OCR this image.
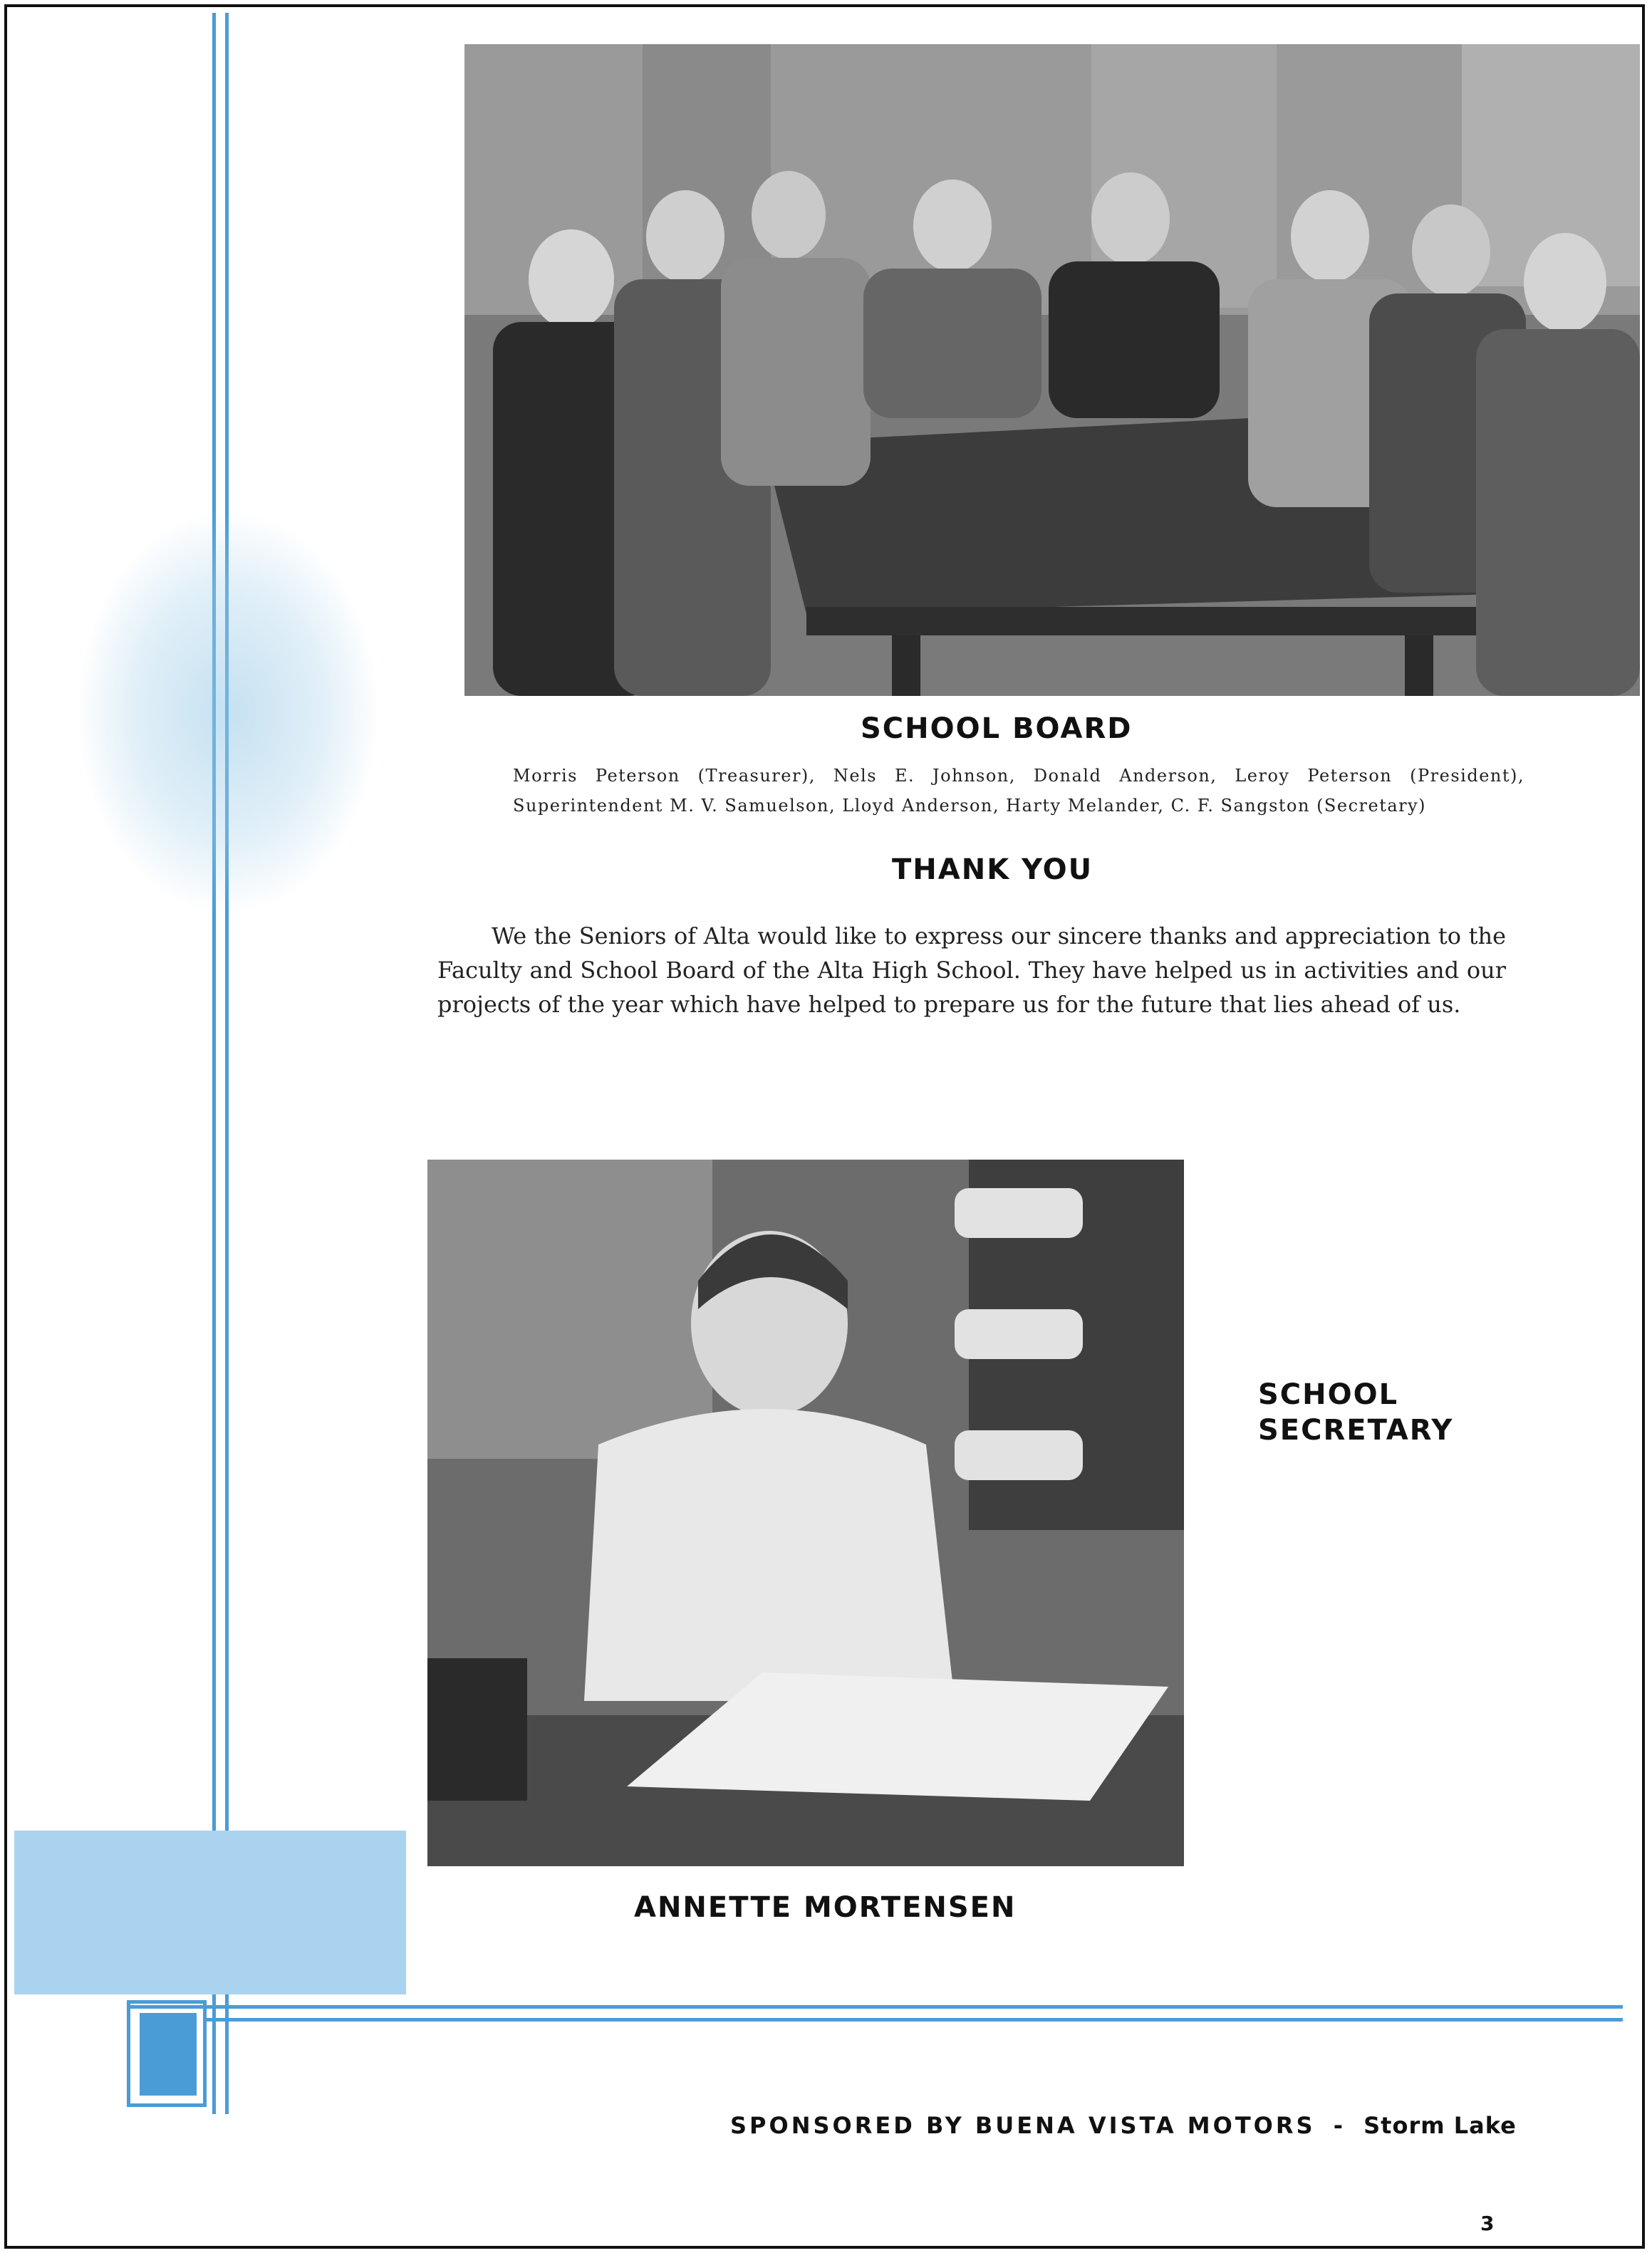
SCHOOL BOARD
Morris Peterson (Treasurer), Nels E. Johnson, Donald Anderson, Leroy Peterson (President), Superintendent M. V. Samuelson, Lloyd Anderson, Harty Melander, C. F. Sangston (Secretary)
THANK YOU
We the Seniors of Alta would like to express our sincere thanks and appreciation to the Faculty and School Board of the Alta High School. They have helped us in activities and our projects of the year which have helped to prepare us for the future that lies ahead of us.
SCHOOL
SECRETARY
ANNETTE MORTENSEN
SPONSORED BY BUENA VISTA MOTORS - Storm Lake
3
